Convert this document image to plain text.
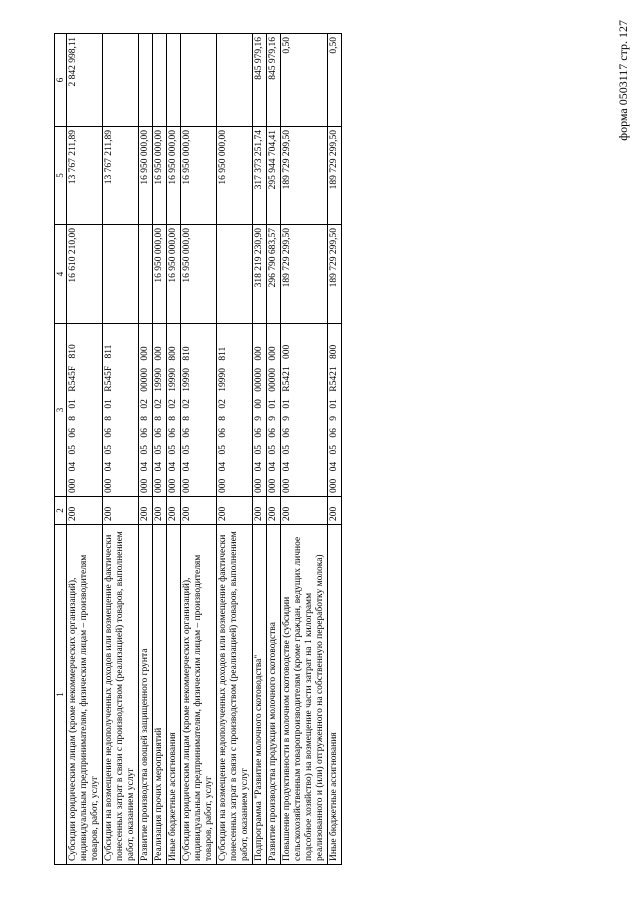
форма 0503117 стр. 127
1	2	3	4	5	6
Субсидии юридическим лицам (кроме некоммерческих организаций), индивидуальным предпринимателям, физическим лицам – производителям товаров, работ, услуг	200	000 04 05 06 8 01 R545F 810	16 610 210,00	13 767 211,89	2 842 998,11
Субсидии на возмещение недополученных доходов или возмещение фактически понесенных затрат в связи с производством (реализацией) товаров, выполнением работ, оказанием услуг	200	000 04 05 06 8 01 R545F 811		13 767 211,89	
Развитие производства овощей защищенного грунта	200	000 04 05 06 8 02 00000 000		16 950 000,00	
Реализация прочих мероприятий	200	000 04 05 06 8 02 19990 000	16 950 000,00	16 950 000,00	
Иные бюджетные ассигнования	200	000 04 05 06 8 02 19990 800	16 950 000,00	16 950 000,00	
Субсидии юридическим лицам (кроме некоммерческих организаций), индивидуальным предпринимателям, физическим лицам – производителям товаров, работ, услуг	200	000 04 05 06 8 02 19990 810	16 950 000,00	16 950 000,00	
Субсидии на возмещение недополученных доходов или возмещение фактически понесенных затрат в связи с производством (реализацией) товаров, выполнением работ, оказанием услуг	200	000 04 05 06 8 02 19990 811		16 950 000,00	
Подпрограмма "Развитие молочного скотоводства"	200	000 04 05 06 9 00 00000 000	318 219 230,90	317 373 251,74	845 979,16
Развитие производства продукции молочного скотоводства	200	000 04 05 06 9 01 00000 000	296 790 683,57	295 944 704,41	845 979,16
Повышение продуктивности в молочном скотоводстве (субсидии сельскохозяйственным товаропроизводителям (кроме граждан, ведущих личное подсобное хозяйство) на возмещение части затрат на 1 килограмм реализованного и (или) отгруженного на собственную переработку молока)	200	000 04 05 06 9 01 R5421 000	189 729 299,50	189 729 299,50	0,50
Иные бюджетные ассигнования	200	000 04 05 06 9 01 R5421 800	189 729 299,50	189 729 299,50	0,50
